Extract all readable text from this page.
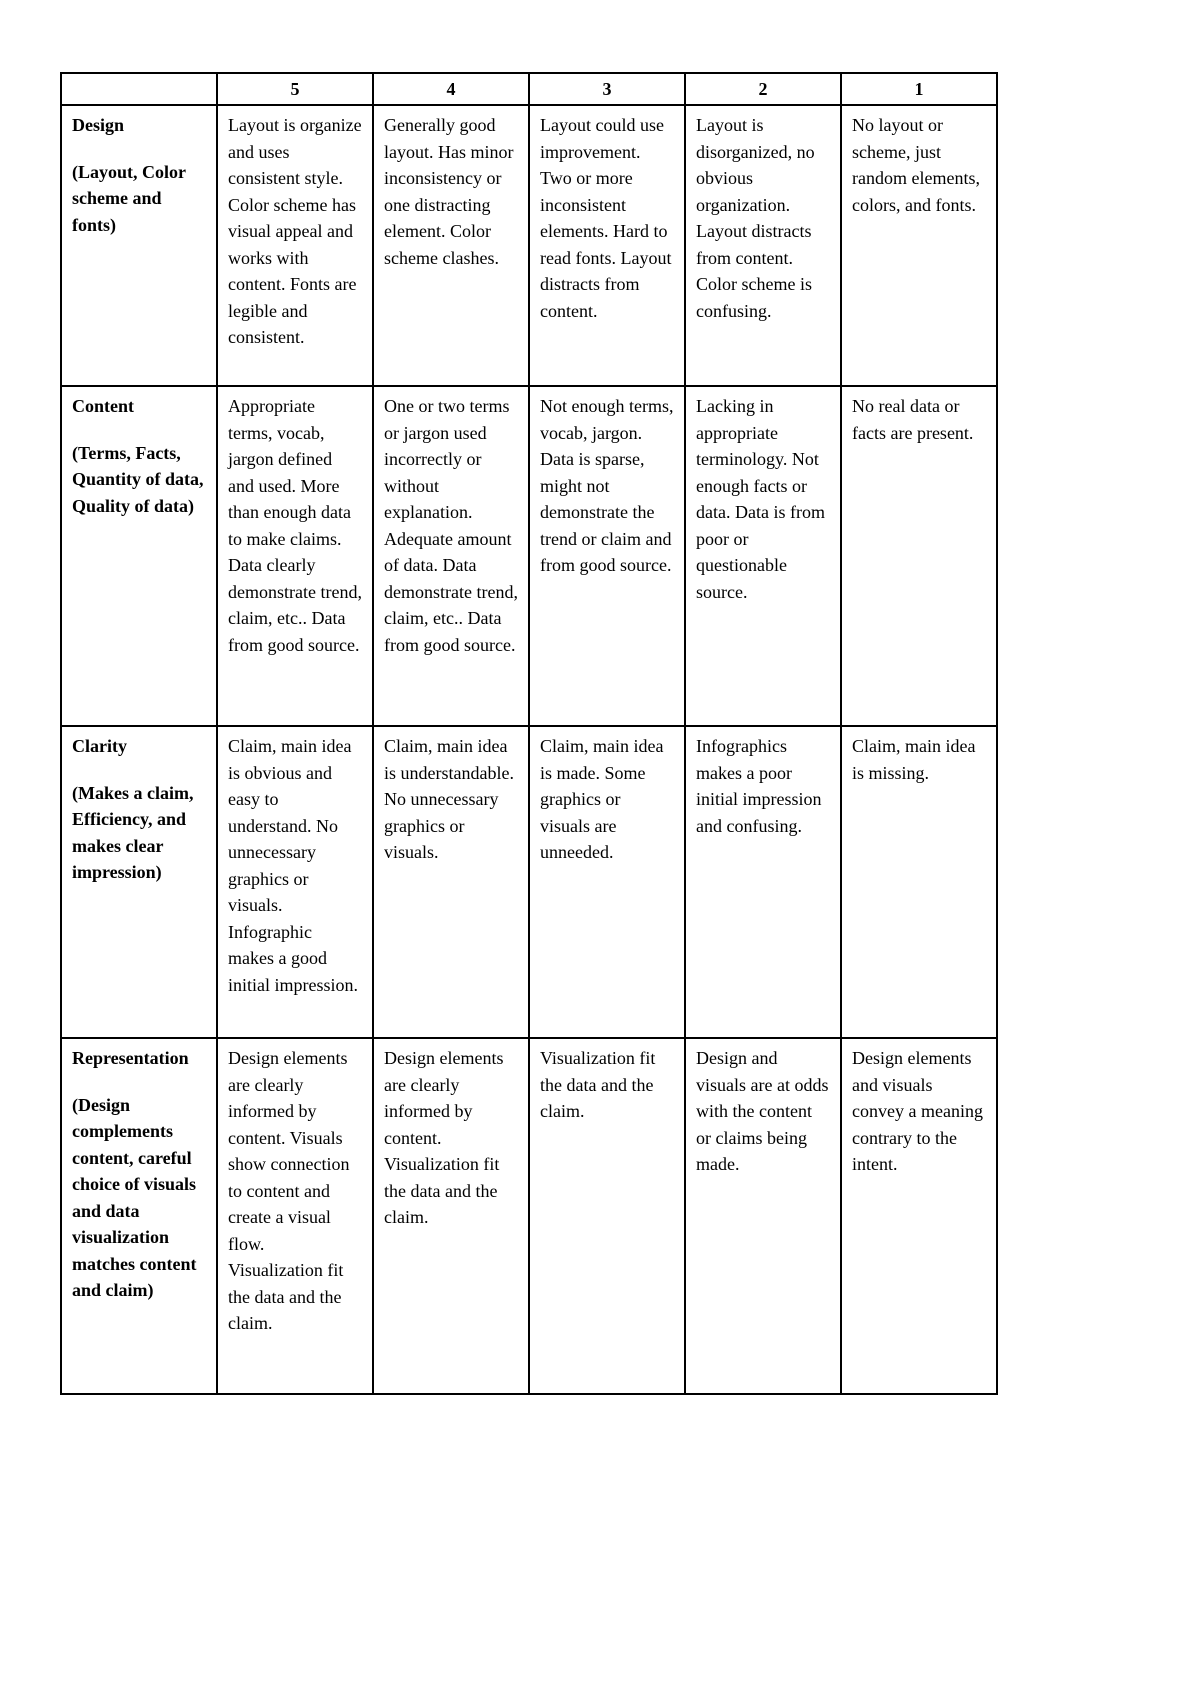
	5	4	3	2	1

Design
(Layout, Color scheme and fonts)	Layout is organize and uses consistent style. Color scheme has visual appeal and works with content. Fonts are legible and consistent.	Generally good layout. Has minor inconsistency or one distracting element. Color scheme clashes.	Layout could use improvement. Two or more inconsistent elements. Hard to read fonts. Layout distracts from content.	Layout is disorganized, no obvious organization. Layout distracts from content. Color scheme is confusing.	No layout or scheme, just random elements, colors, and fonts.

Content
(Terms, Facts, Quantity of data, Quality of data)	Appropriate terms, vocab, jargon defined and used. More than enough data to make claims. Data clearly demonstrate trend, claim, etc.. Data from good source.	One or two terms or jargon used incorrectly or without explanation. Adequate amount of data. Data demonstrate trend, claim, etc.. Data from good source.	Not enough terms, vocab, jargon. Data is sparse, might not demonstrate the trend or claim and from good source.	Lacking in appropriate terminology. Not enough facts or data. Data is from poor or questionable source.	No real data or facts are present.

Clarity
(Makes a claim, Efficiency, and makes clear impression)	Claim, main idea is obvious and easy to understand. No unnecessary graphics or visuals. Infographic makes a good initial impression.	Claim, main idea is understandable. No unnecessary graphics or visuals.	Claim, main idea is made. Some graphics or visuals are unneeded.	Infographics makes a poor initial impression and confusing.	Claim, main idea is missing.

Representation
(Design complements content, careful choice of visuals and data visualization matches content and claim)	Design elements are clearly informed by content. Visuals show connection to content and create a visual flow. Visualization fit the data and the claim.	Design elements are clearly informed by content. Visualization fit the data and the claim.	Visualization fit the data and the claim.	Design and visuals are at odds with the content or claims being made.	Design elements and visuals convey a meaning contrary to the intent.
